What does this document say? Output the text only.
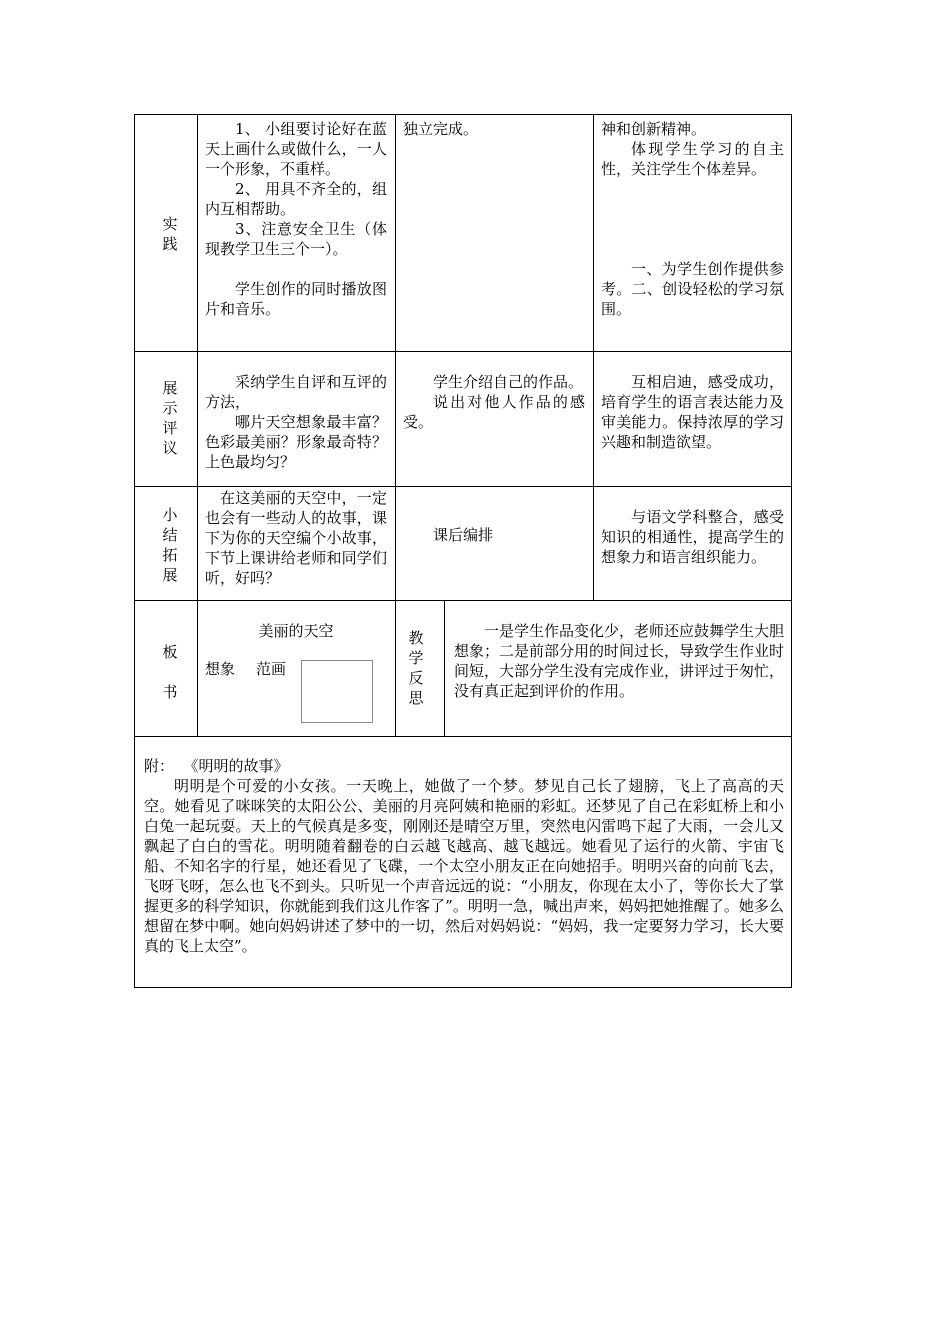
实
践

1、 小组要讨论好在蓝天上画什么或做什么，一人一个形象，不重样。

2、 用具不齐全的，组内互相帮助。

3、注意安全卫生（体现教学卫生三个一）。

学生创作的同时播放图片和音乐。

独立完成。	神和创新精神。

体现学生学习的自主性，关注学生个体差异。

一、为学生创作提供参考。二、创设轻松的学习氛围。

展
示
评
议

采纳学生自评和互评的方法，

哪片天空想象最丰富？色彩最美丽？形象最奇特？上色最均匀？

学生介绍自己的作品。

说出对他人作品的感受。

互相启迪，感受成功，培育学生的语言表达能力及审美能力。保持浓厚的学习兴趣和制造欲望。

小
结
拓
展

在这美丽的天空中，一定也会有一些动人的故事，课下为你的天空编个小故事，下节上课讲给老师和同学们听，好吗？

课后编排

与语文学科整合，感受知识的相通性，提高学生的想象力和语言组织能力。

板
书
美丽的天空
想象 范画
教
学
反
思

一是学生作品变化少，老师还应鼓舞学生大胆想象；二是前部分用的时间过长，导致学生作业时间短，大部分学生没有完成作业，讲评过于匆忙，没有真正起到评价的作用。

附：  《明明的故事》

明明是个可爱的小女孩。一天晚上，她做了一个梦。梦见自己长了翅膀，飞上了高高的天空。她看见了咪咪笑的太阳公公、美丽的月亮阿姨和艳丽的彩虹。还梦见了自己在彩虹桥上和小白兔一起玩耍。天上的气候真是多变，刚刚还是晴空万里，突然电闪雷鸣下起了大雨，一会儿又飘起了白白的雪花。明明随着翻卷的白云越飞越高、越飞越远。她看见了运行的火箭、宇宙飞船、不知名字的行星，她还看见了飞碟，一个太空小朋友正在向她招手。明明兴奋的向前飞去，飞呀飞呀，怎么也飞不到头。只听见一个声音远远的说：“小朋友，你现在太小了，等你长大了掌握更多的科学知识，你就能到我们这儿作客了”。明明一急，喊出声来，妈妈把她推醒了。她多么想留在梦中啊。她向妈妈讲述了梦中的一切，然后对妈妈说：“妈妈，我一定要努力学习，长大要真的飞上太空”。
